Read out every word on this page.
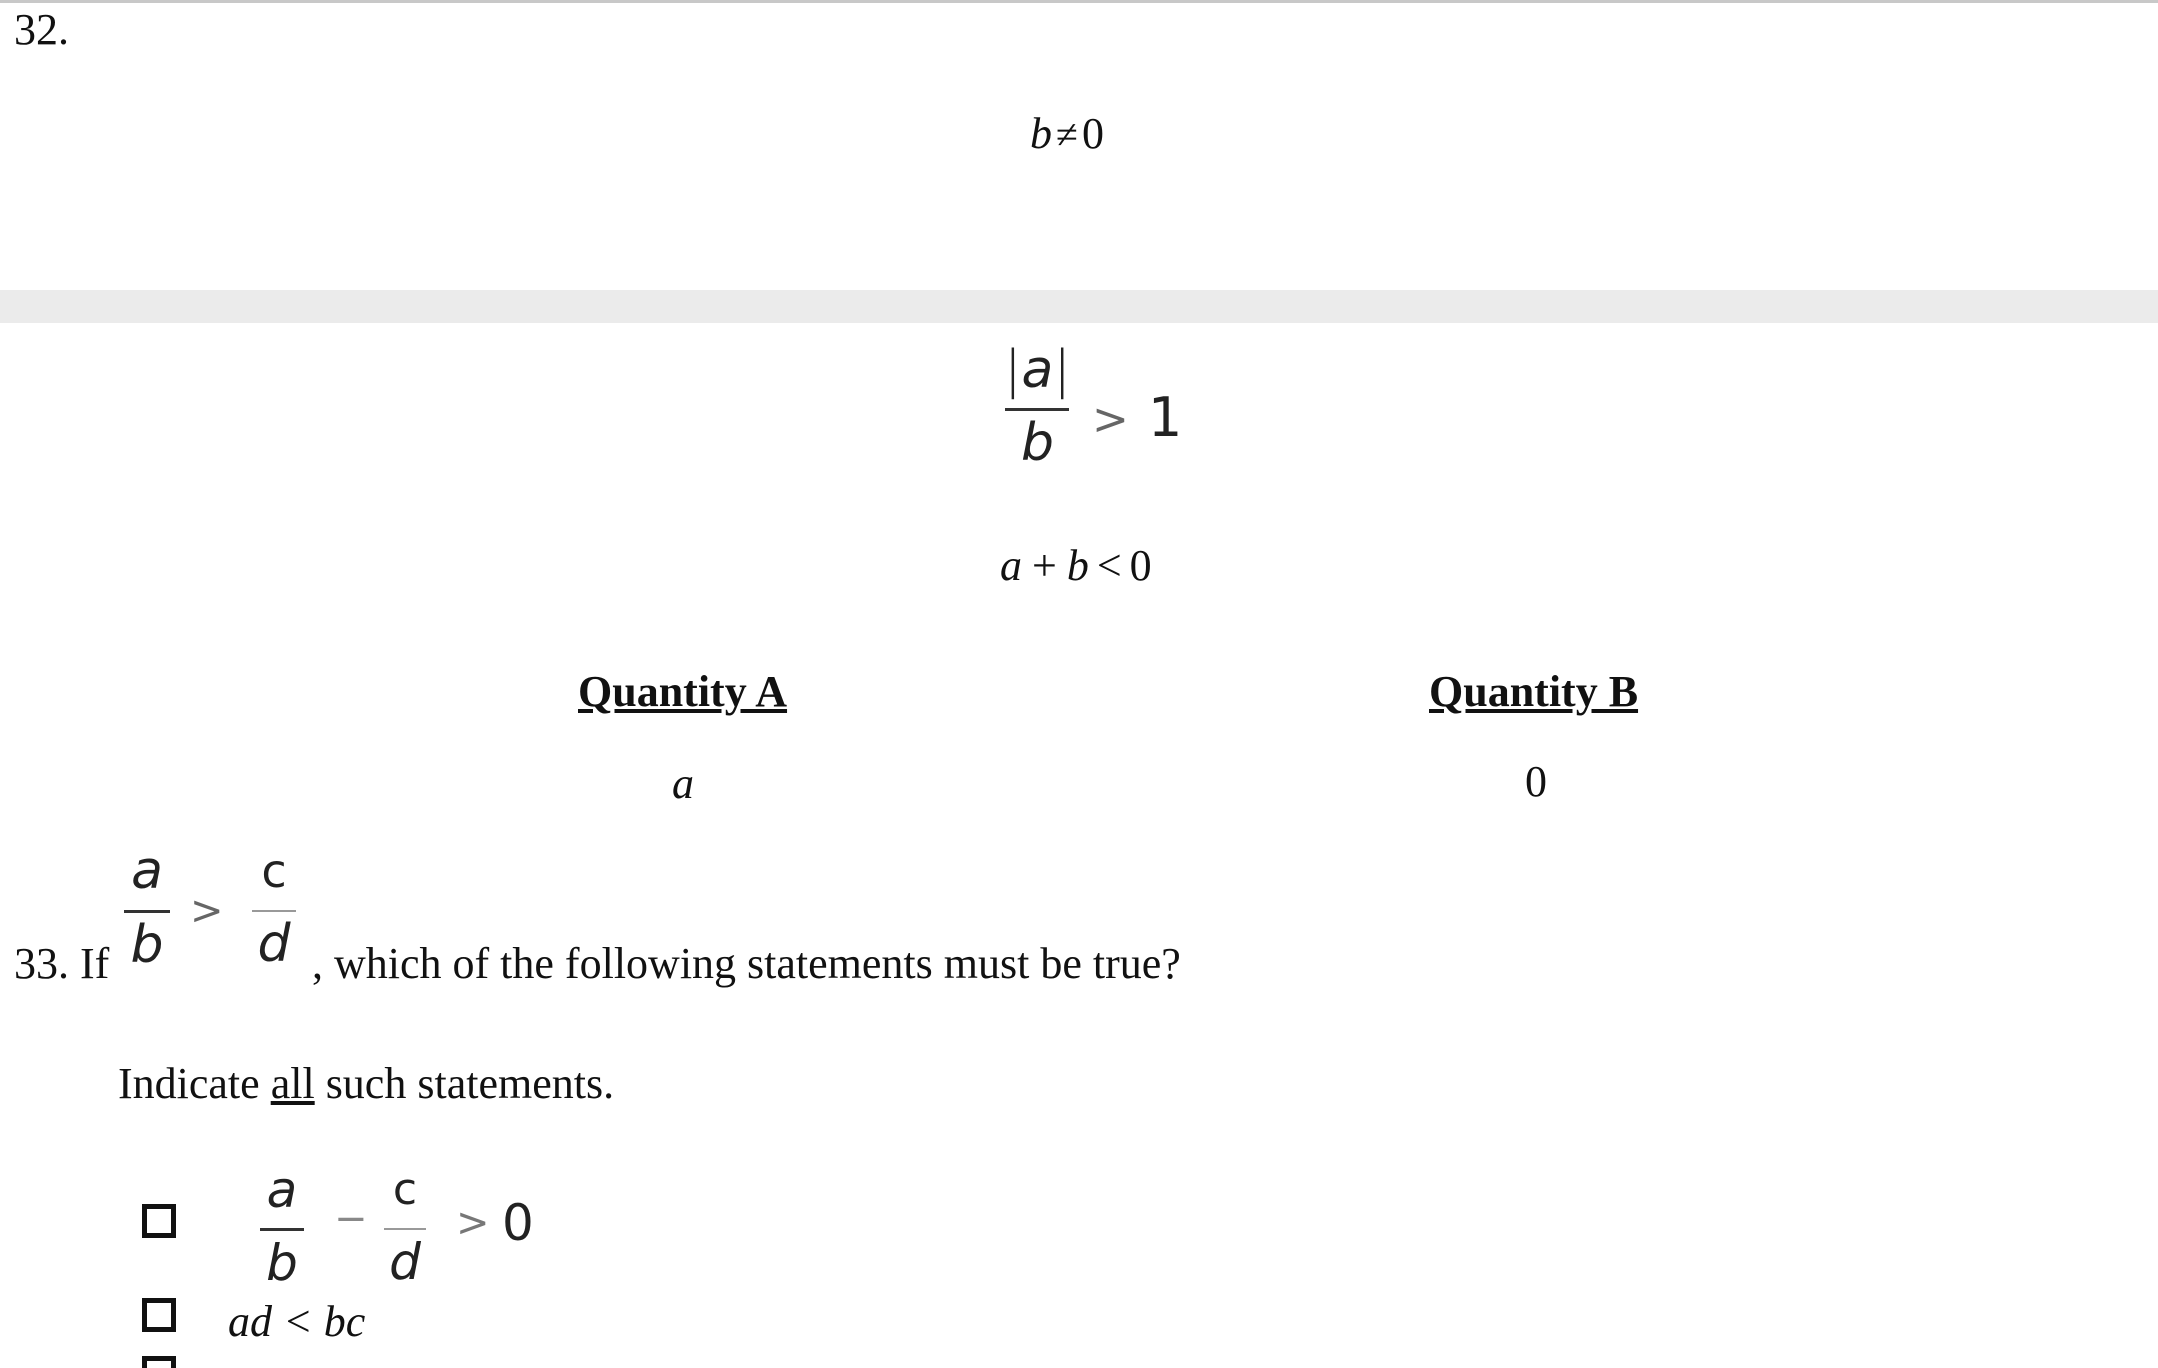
32.
b ≠0
|a|
b > 1
a + b < 0
Quantity A	Quantity B
a	0
33. If
a
b
>
c
d , which of the following statements must be true?
Indicate all such statements.
a
b
−
c
d
> 0
ad < bc
